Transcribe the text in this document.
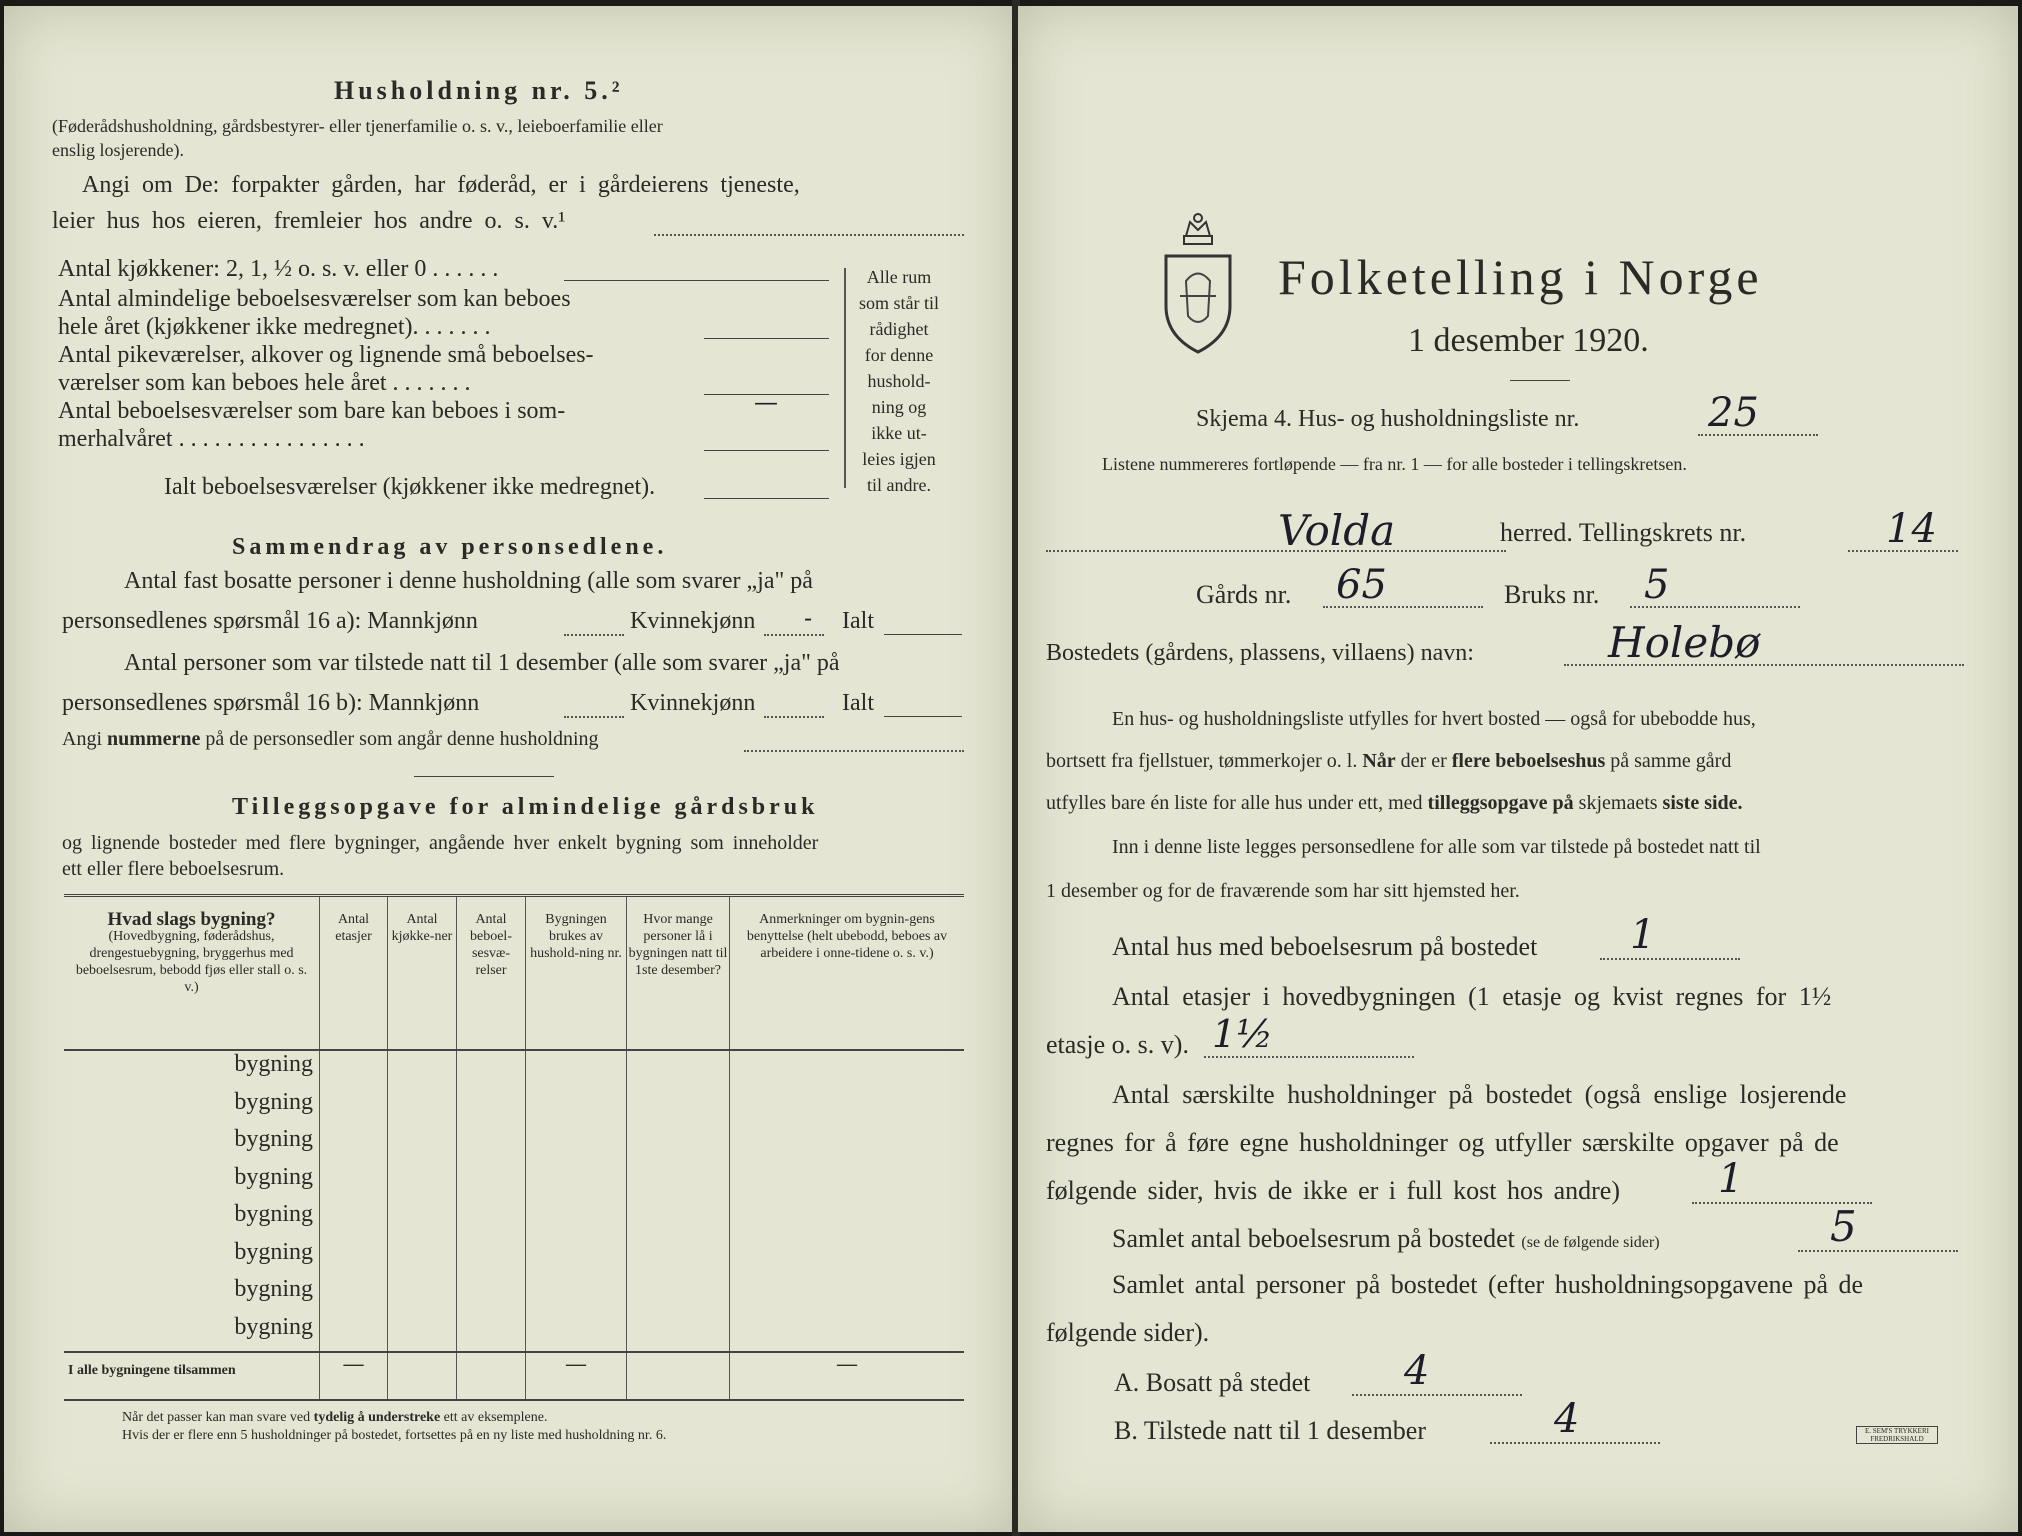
Husholdning nr. 5.²
(Føderådshusholdning, gårdsbestyrer- eller tjenerfamilie o. s. v., leieboerfamilie eller
enslig losjerende).
Angi om De: forpakter gården, har føderåd, er i gårdeierens tjeneste,
leier hus hos eieren, fremleier hos andre o. s. v.¹
Antal kjøkkener: 2, 1, ½ o. s. v. eller 0 . . . . . .
Antal almindelige beboelsesværelser som kan beboes
hele året (kjøkkener ikke medregnet). . . . . . .
Antal pikeværelser, alkover og lignende små beboelses-
værelser som kan beboes hele året . . . . . . .
Antal beboelsesværelser som bare kan beboes i som-	—
merhalvåret . . . . . . . . . . . . . . . .
Ialt beboelsesværelser (kjøkkener ikke medregnet).
Alle rum
som står til
rådighet
for denne
hushold-
ning og
ikke ut-
leies igjen
til andre.
Sammendrag av personsedlene.
Antal fast bosatte personer i denne husholdning (alle som svarer „ja" på
personsedlenes spørsmål 16 a): Mannkjønn	Kvinnekjønn - Ialt
Antal personer som var tilstede natt til 1 desember (alle som svarer „ja" på
personsedlenes spørsmål 16 b): Mannkjønn	Kvinnekjønn	Ialt
Angi nummerne på de personsedler som angår denne husholdning
Tilleggsopgave for almindelige gårdsbruk
og lignende bosteder med flere bygninger, angående hver enkelt bygning som inneholder
ett eller flere beboelsesrum.
Hvad slags bygning?
(Hovedbygning, føderådshus, drengestuebygning, bryggerhus med beboelsesrum, bebodd fjøs eller stall o. s. v.)	Antal etasjer	Antal kjøkke-ner	Antal beboel-sesvæ-relser	Bygningen brukes av hushold-ning nr.	Hvor mange personer lå i bygningen natt til 1ste desember?	Anmerkninger om bygnin-gens benyttelse (helt ubebodd, beboes av arbeidere i onne-tidene o. s. v.)
bygning						
bygning						
bygning						
bygning						
bygning						
bygning						
bygning						
bygning						
I alle bygningene tilsammen	—			—		—
Når det passer kan man svare ved tydelig å understreke ett av eksemplene.
Hvis der er flere enn 5 husholdninger på bostedet, fortsettes på en ny liste med husholdning nr. 6.
Folketelling i Norge
1 desember 1920.
Skjema 4. Hus- og husholdningsliste nr.	25
Listene nummereres fortløpende — fra nr. 1 — for alle bosteder i tellingskretsen.
Volda	herred. Tellingskrets nr.	14
Gårds nr. 65	Bruks nr. 5
Bostedets (gårdens, plassens, villaens) navn:	Holebø
En hus- og husholdningsliste utfylles for hvert bosted — også for ubebodde hus,
bortsett fra fjellstuer, tømmerkojer o. l. Når der er flere beboelseshus på samme gård
utfylles bare én liste for alle hus under ett, med tilleggsopgave på skjemaets siste side.
Inn i denne liste legges personsedlene for alle som var tilstede på bostedet natt til
1 desember og for de fraværende som har sitt hjemsted her.
Antal hus med beboelsesrum på bostedet 1
Antal etasjer i hovedbygningen (1 etasje og kvist regnes for 1½
etasje o. s. v). 1½
Antal særskilte husholdninger på bostedet (også enslige losjerende
regnes for å føre egne husholdninger og utfyller særskilte opgaver på de
følgende sider, hvis de ikke er i full kost hos andre) 1
Samlet antal beboelsesrum på bostedet (se de følgende sider)	5
Samlet antal personer på bostedet (efter husholdningsopgavene på de
følgende sider).
A. Bosatt på stedet 4
B. Tilstede natt til 1 desember	4	E. SEM'S TRYKKERI FREDRIKSHALD
